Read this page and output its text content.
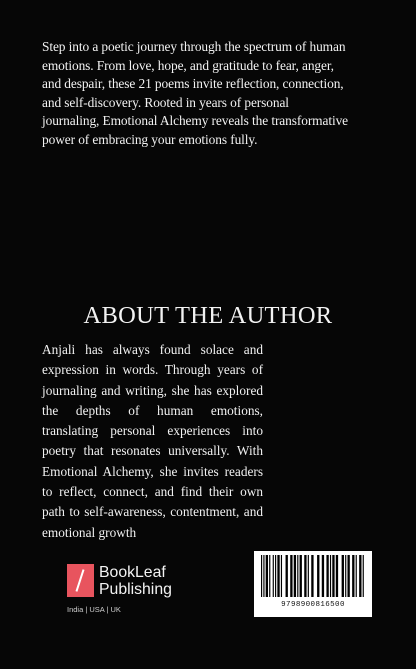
Step into a poetic journey through the spectrum of human
emotions. From love, hope, and gratitude to fear, anger,
and despair, these 21 poems invite reflection, connection,
and self-discovery. Rooted in years of personal
journaling, Emotional Alchemy reveals the transformative
power of embracing your emotions fully.
ABOUT THE AUTHOR
Anjali has always found solace and expression in words. Through years of journaling and writing, she has explored the depths of human emotions, translating personal experiences into poetry that resonates universally. With Emotional Alchemy, she invites readers to reflect, connect, and find their own path to self-awareness, contentment, and emotional growth
BookLeaf
Publishing
India | USA | UK	9798900816500
